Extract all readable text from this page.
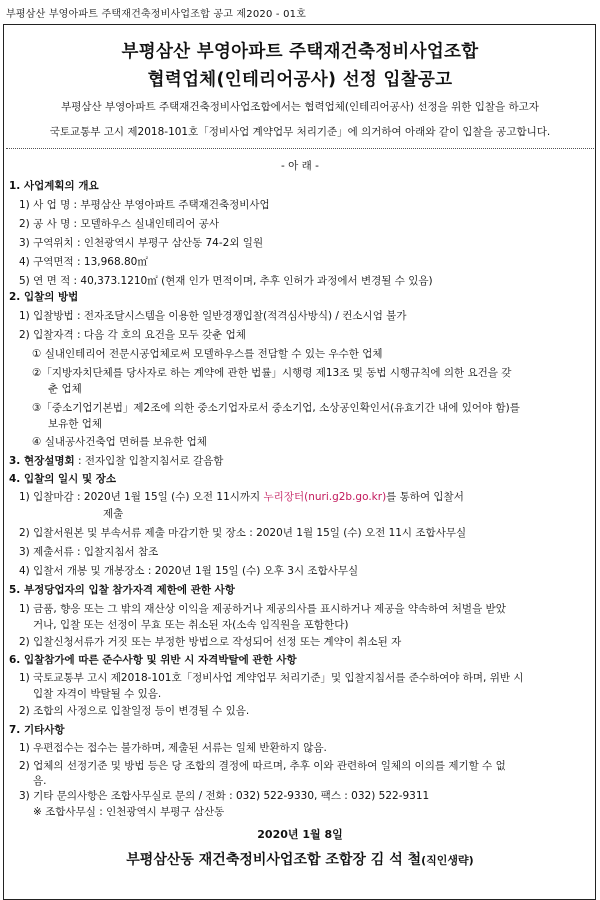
부평삼산 부영아파트 주택재건축정비사업조합 공고 제2020 - 01호
부평삼산 부영아파트 주택재건축정비사업조합
협력업체(인테리어공사) 선정 입찰공고
부평삼산 부영아파트 주택재건축정비사업조합에서는 협력업체(인테리어공사) 선정을 위한 입찰을 하고자
국토교통부 고시 제2018-101호「정비사업 계약업무 처리기준」에 의거하여 아래와 같이 입찰을 공고합니다.
- 아 래 -
1. 사업계획의 개요
1) 사 업 명 : 부평삼산 부영아파트 주택재건축정비사업
2) 공 사 명 : 모델하우스 실내인테리어 공사
3) 구역위치 : 인천광역시 부평구 삼산동 74-2외 일원
4) 구역면적 : 13,968.80㎡
5) 연 면 적 : 40,373.1210㎡ (현재 인가 면적이며, 추후 인허가 과정에서 변경될 수 있음)
2. 입찰의 방법
1) 입찰방법 : 전자조달시스템을 이용한 일반경쟁입찰(적격심사방식) / 컨소시엄 불가
2) 입찰자격 : 다음 각 호의 요건을 모두 갖춘 업체
① 실내인테리어 전문시공업체로써 모델하우스를 전담할 수 있는 우수한 업체
②「지방자치단체를 당사자로 하는 계약에 관한 법률」시행령 제13조 및 동법 시행규칙에 의한 요건을 갖
춘 업체
③「중소기업기본법」제2조에 의한 중소기업자로서 중소기업, 소상공인확인서(유효기간 내에 있어야 함)를
보유한 업체
④ 실내공사건축업 면허를 보유한 업체
3. 현장설명회 : 전자입찰 입찰지침서로 갈음함
4. 입찰의 일시 및 장소
1) 입찰마감 : 2020년 1월 15일 (수) 오전 11시까지 누리장터(nuri.g2b.go.kr)를 통하여 입찰서
제출
2) 입찰서원본 및 부속서류 제출 마감기한 및 장소 : 2020년 1월 15일 (수) 오전 11시 조합사무실
3) 제출서류 : 입찰지침서 참조
4) 입찰서 개봉 및 개봉장소 : 2020년 1월 15일 (수) 오후 3시 조합사무실
5. 부정당업자의 입찰 참가자격 제한에 관한 사항
1) 금품, 향응 또는 그 밖의 재산상 이익을 제공하거나 제공의사를 표시하거나 제공을 약속하여 처벌을 받았
거나, 입찰 또는 선정이 무효 또는 취소된 자(소속 임직원을 포함한다)
2) 입찰신청서류가 거짓 또는 부정한 방법으로 작성되어 선정 또는 계약이 취소된 자
6. 입찰참가에 따른 준수사항 및 위반 시 자격박탈에 관한 사항
1) 국토교통부 고시 제2018-101호「정비사업 계약업무 처리기준」및 입찰지침서를 준수하여야 하며, 위반 시
입찰 자격이 박탈될 수 있음.
2) 조합의 사정으로 입찰일정 등이 변경될 수 있음.
7. 기타사항
1) 우편접수는 접수는 불가하며, 제출된 서류는 일체 반환하지 않음.
2) 업체의 선정기준 및 방법 등은 당 조합의 결정에 따르며, 추후 이와 관련하여 일체의 이의를 제기할 수 없
음.
3) 기타 문의사항은 조합사무실로 문의 / 전화 : 032) 522-9330, 팩스 : 032) 522-9311
※ 조합사무실 : 인천광역시 부평구 삼산동
2020년 1월 8일
부평삼산동 재건축정비사업조합 조합장 김 석 철(직인생략)
